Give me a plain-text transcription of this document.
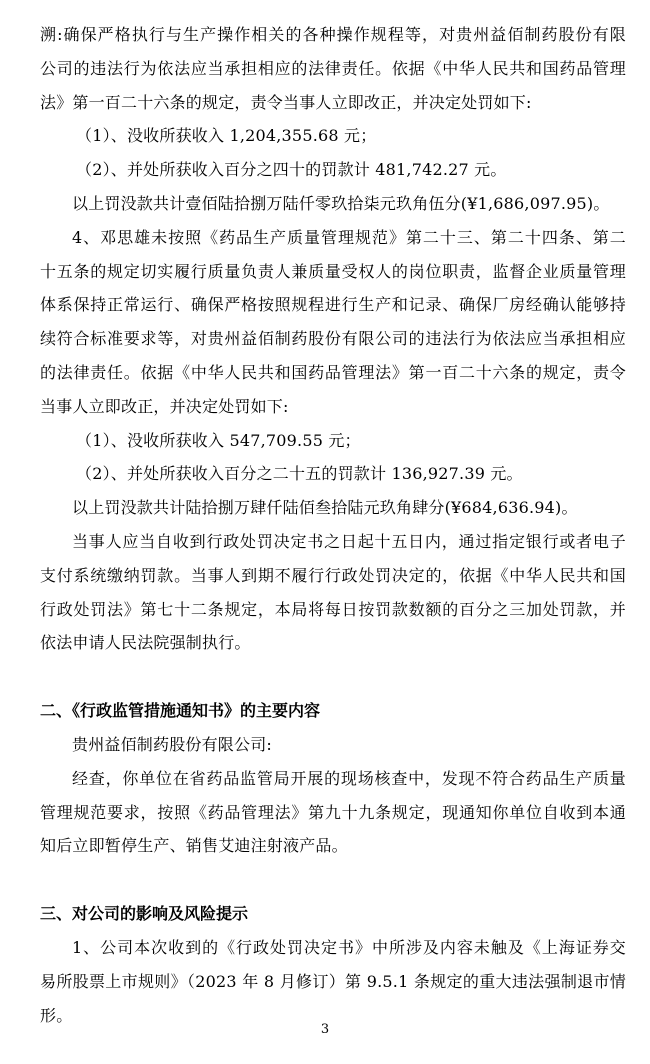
溯:确保严格执行与生产操作相关的各种操作规程等，对贵州益佰制药股份有限
公司的违法行为依法应当承担相应的法律责任。依据《中华人民共和国药品管理
法》第一百二十六条的规定，责令当事人立即改正，并决定处罚如下:
（1）、没收所获收入 1,204,355.68 元；
（2）、并处所获收入百分之四十的罚款计 481,742.27 元。
以上罚没款共计壹佰陆拾捌万陆仟零玖拾柒元玖角伍分(¥1,686,097.95)。
4、邓思雄未按照《药品生产质量管理规范》第二十三、第二十四条、第二
十五条的规定切实履行质量负责人兼质量受权人的岗位职责，监督企业质量管理
体系保持正常运行、确保严格按照规程进行生产和记录、确保厂房经确认能够持
续符合标准要求等，对贵州益佰制药股份有限公司的违法行为依法应当承担相应
的法律责任。依据《中华人民共和国药品管理法》第一百二十六条的规定，责令
当事人立即改正，并决定处罚如下:
（1）、没收所获收入 547,709.55 元；
（2）、并处所获收入百分之二十五的罚款计 136,927.39 元。
以上罚没款共计陆拾捌万肆仟陆佰叁拾陆元玖角肆分(¥684,636.94)。
当事人应当自收到行政处罚决定书之日起十五日内，通过指定银行或者电子
支付系统缴纳罚款。当事人到期不履行行政处罚决定的，依据《中华人民共和国
行政处罚法》第七十二条规定，本局将每日按罚款数额的百分之三加处罚款，并
依法申请人民法院强制执行。
二、《行政监管措施通知书》的主要内容
贵州益佰制药股份有限公司:
经查，你单位在省药品监管局开展的现场核查中，发现不符合药品生产质量
管理规范要求，按照《药品管理法》第九十九条规定，现通知你单位自收到本通
知后立即暂停生产、销售艾迪注射液产品。
三、对公司的影响及风险提示
1、公司本次收到的《行政处罚决定书》中所涉及内容未触及《上海证券交
易所股票上市规则》（2023 年 8 月修订）第 9.5.1 条规定的重大违法强制退市情
形。
3
